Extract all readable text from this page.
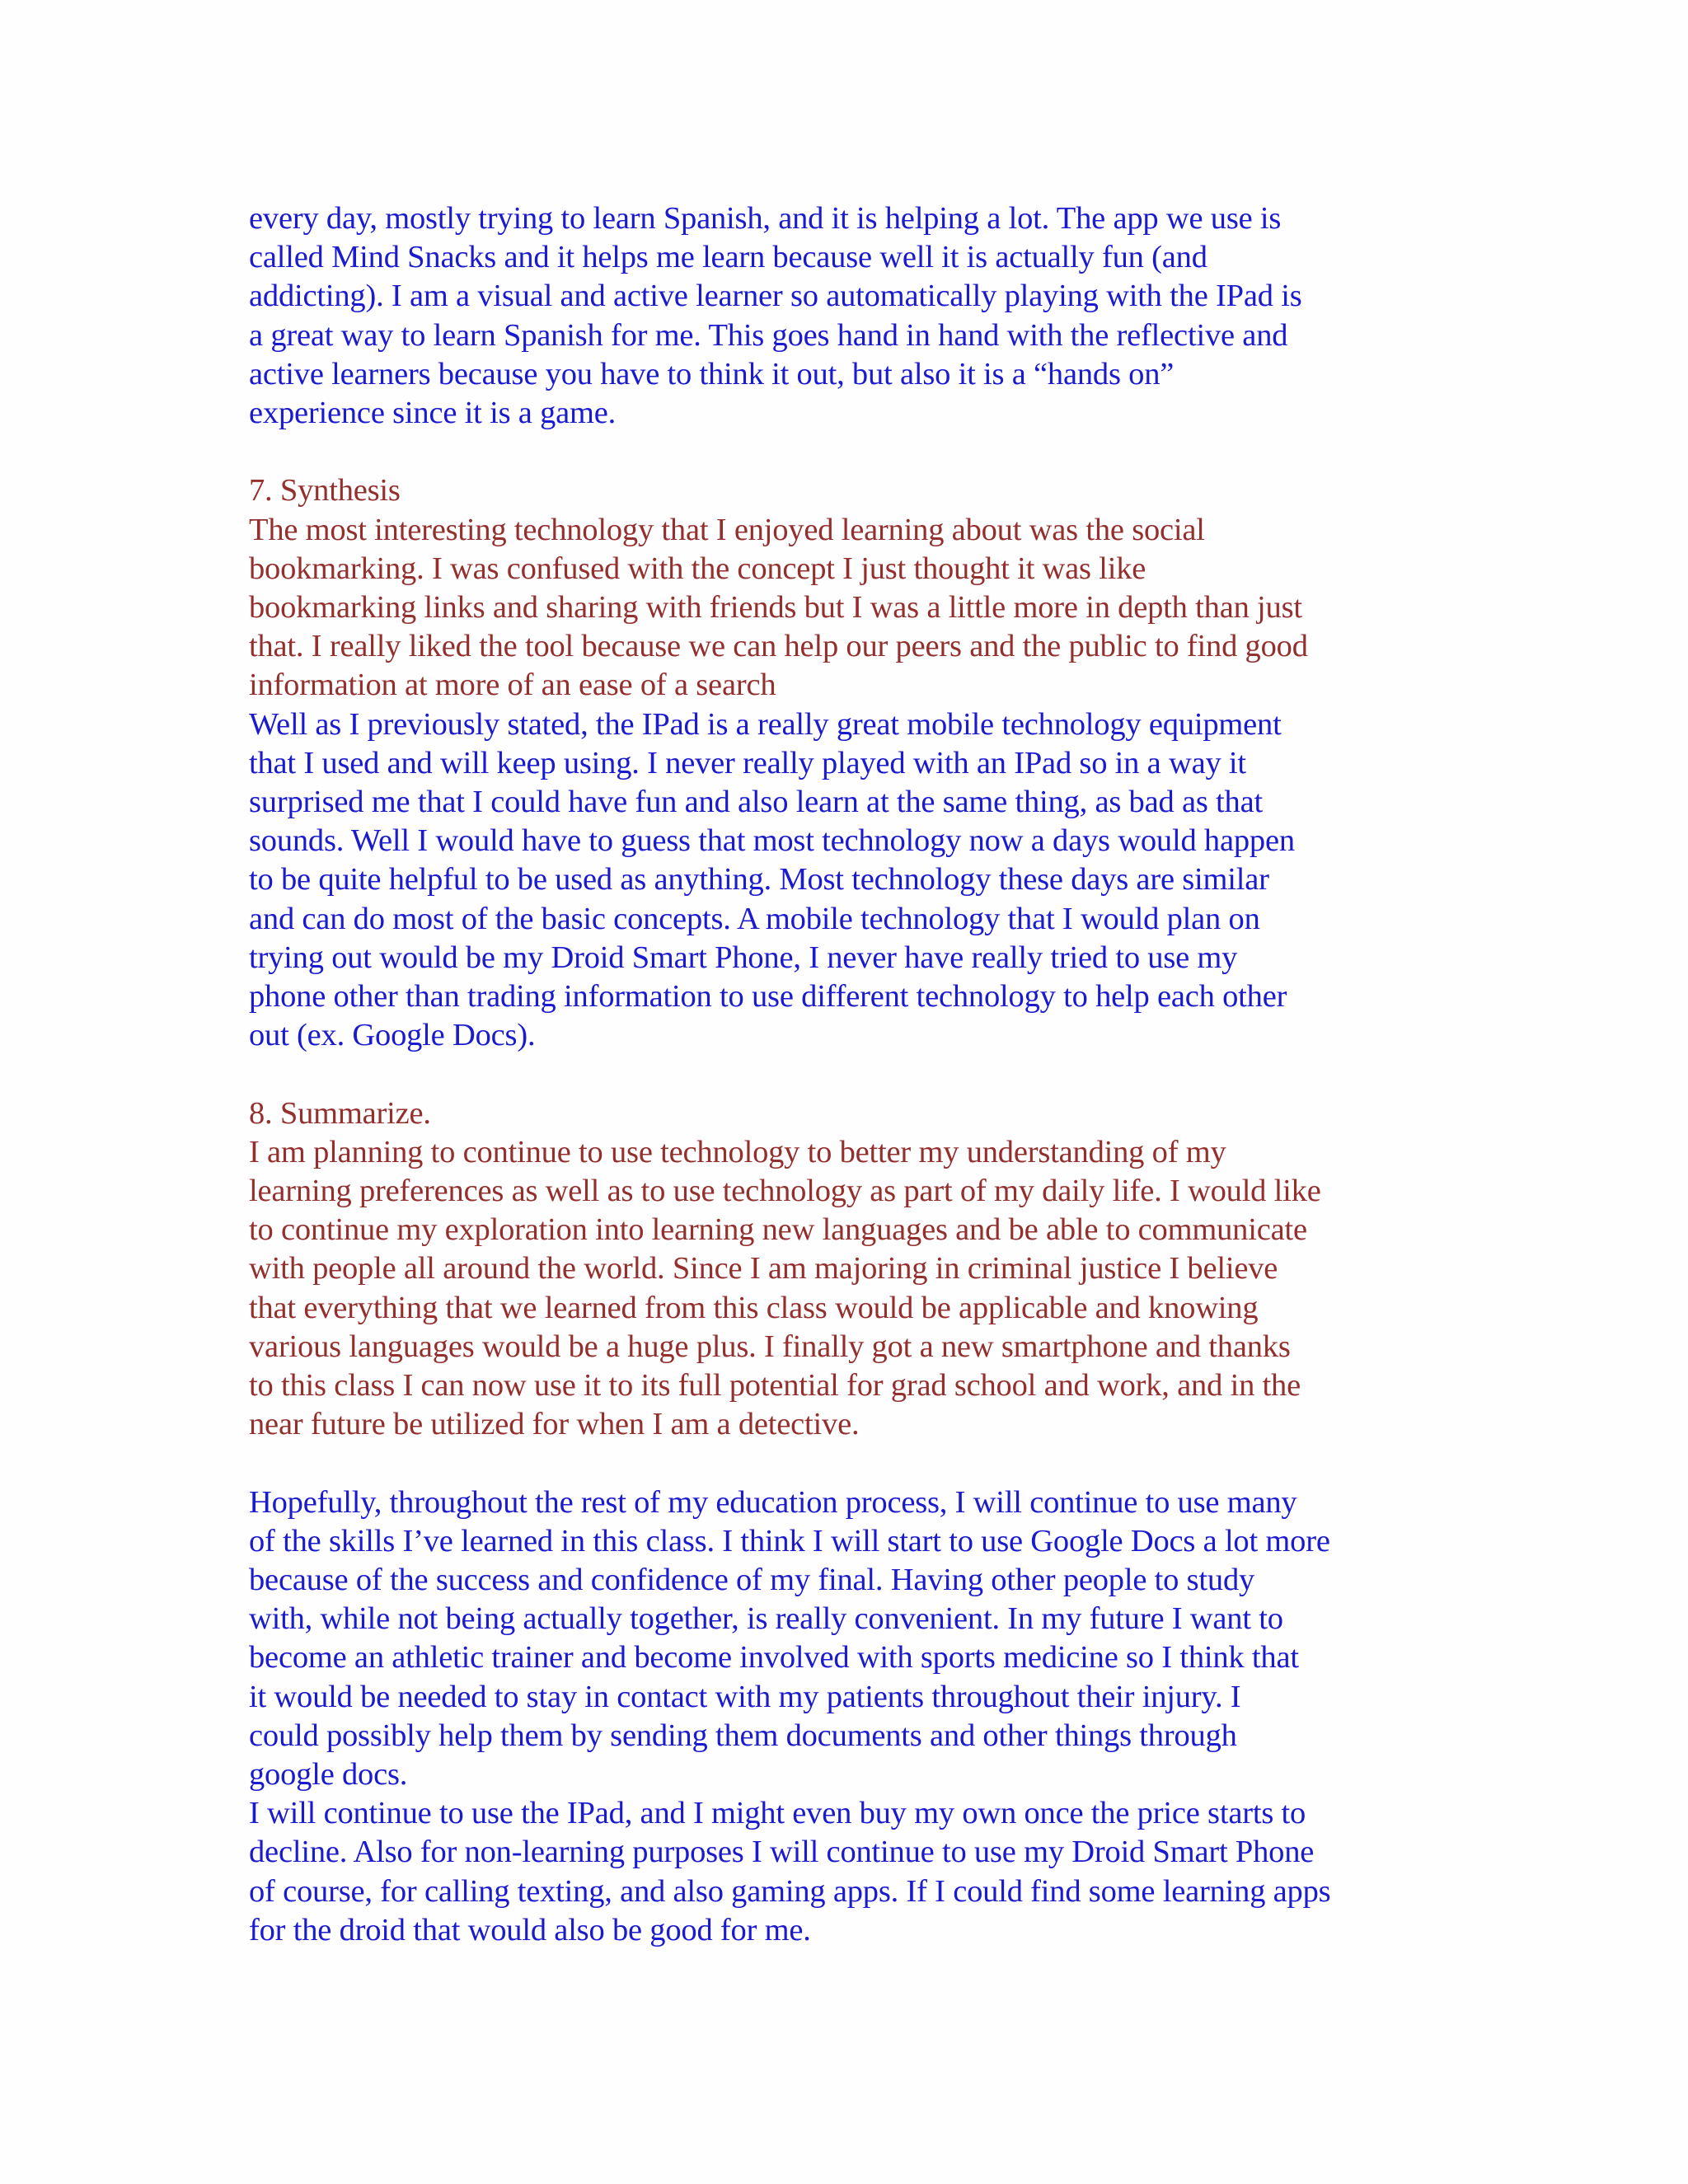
every day, mostly trying to learn Spanish, and it is helping a lot. The app we use is
called Mind Snacks and it helps me learn because well it is actually fun (and
addicting). I am a visual and active learner so automatically playing with the IPad is
a great way to learn Spanish for me. This goes hand in hand with the reflective and
active learners because you have to think it out, but also it is a “hands on”
experience since it is a game.

7. Synthesis

The most interesting technology that I enjoyed learning about was the social
bookmarking. I was confused with the concept I just thought it was like
bookmarking links and sharing with friends but I was a little more in depth than just
that. I really liked the tool because we can help our peers and the public to find good
information at more of an ease of a search

Well as I previously stated, the IPad is a really great mobile technology equipment
that I used and will keep using. I never really played with an IPad so in a way it
surprised me that I could have fun and also learn at the same thing, as bad as that
sounds. Well I would have to guess that most technology now a days would happen
to be quite helpful to be used as anything. Most technology these days are similar
and can do most of the basic concepts. A mobile technology that I would plan on
trying out would be my Droid Smart Phone, I never have really tried to use my
phone other than trading information to use different technology to help each other
out (ex. Google Docs).

8. Summarize.

I am planning to continue to use technology to better my understanding of my
learning preferences as well as to use technology as part of my daily life. I would like
to continue my exploration into learning new languages and be able to communicate
with people all around the world. Since I am majoring in criminal justice I believe
that everything that we learned from this class would be applicable and knowing
various languages would be a huge plus. I finally got a new smartphone and thanks
to this class I can now use it to its full potential for grad school and work, and in the
near future be utilized for when I am a detective.

Hopefully, throughout the rest of my education process, I will continue to use many
of the skills I’ve learned in this class. I think I will start to use Google Docs a lot more
because of the success and confidence of my final. Having other people to study
with, while not being actually together, is really convenient. In my future I want to
become an athletic trainer and become involved with sports medicine so I think that
it would be needed to stay in contact with my patients throughout their injury. I
could possibly help them by sending them documents and other things through
google docs.

I will continue to use the IPad, and I might even buy my own once the price starts to
decline. Also for non-learning purposes I will continue to use my Droid Smart Phone
of course, for calling texting, and also gaming apps. If I could find some learning apps
for the droid that would also be good for me.
